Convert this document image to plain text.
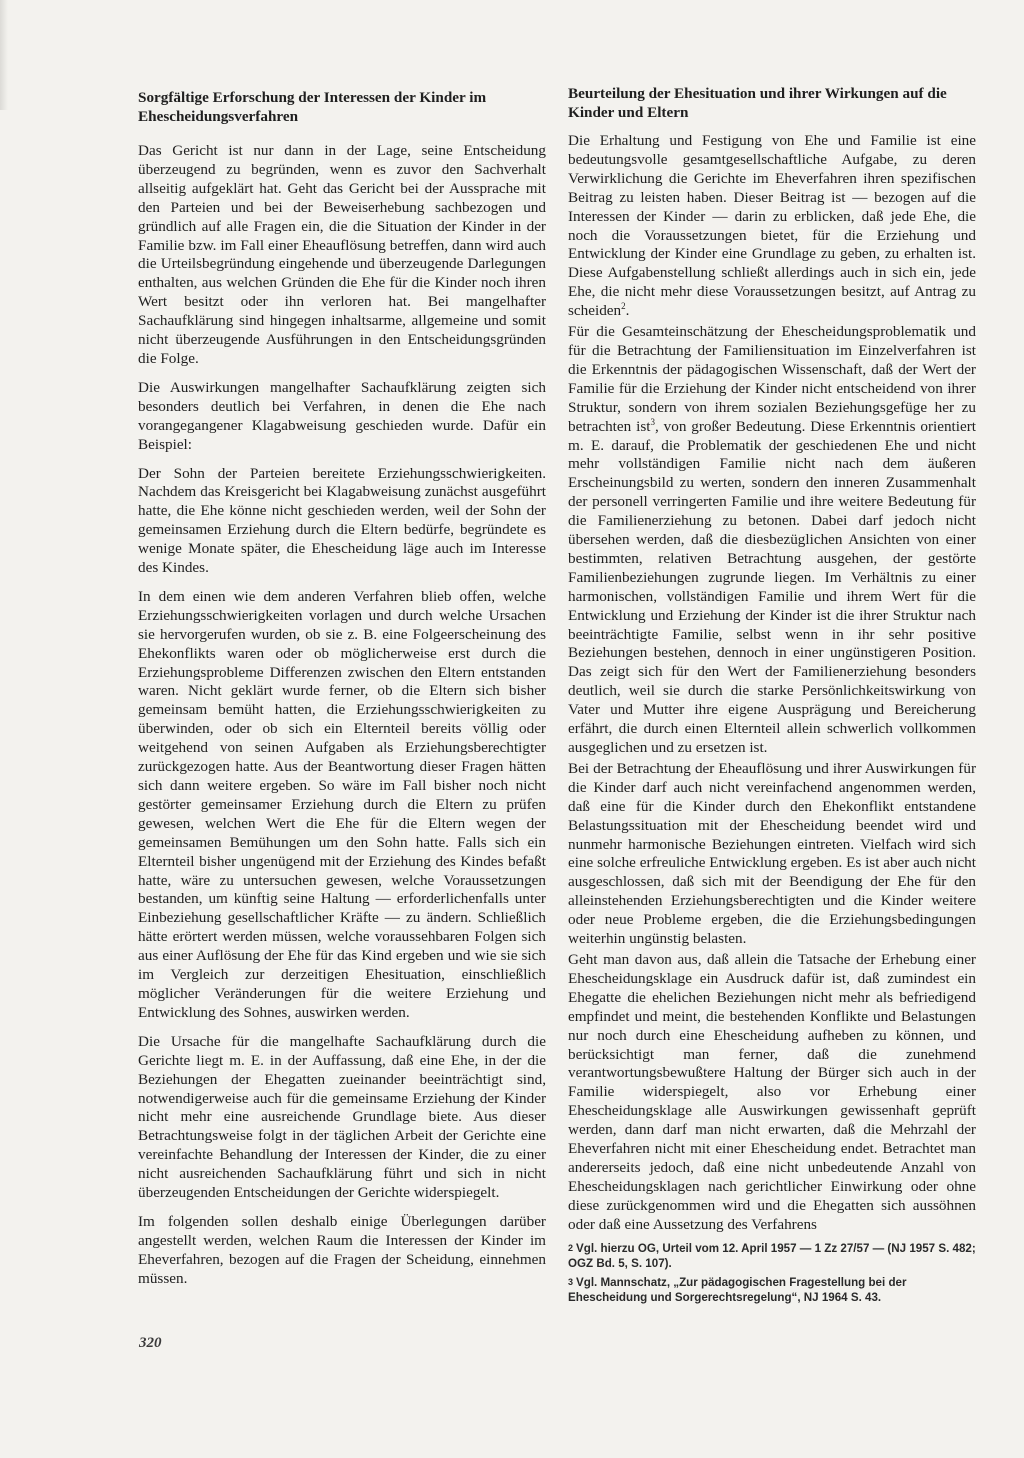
Sorgfältige Erforschung der Interessen der Kinder im Ehescheidungsverfahren

Das Gericht ist nur dann in der Lage, seine Entscheidung überzeugend zu begründen, wenn es zuvor den Sachverhalt allseitig aufgeklärt hat. Geht das Gericht bei der Aussprache mit den Parteien und bei der Beweiserhebung sachbezogen und gründlich auf alle Fragen ein, die die Situation der Kinder in der Familie bzw. im Fall einer Eheauflösung betreffen, dann wird auch die Urteilsbegründung eingehende und überzeugende Darlegungen enthalten, aus welchen Gründen die Ehe für die Kinder noch ihren Wert besitzt oder ihn verloren hat. Bei mangelhafter Sachaufklärung sind hingegen inhaltsarme, allgemeine und somit nicht überzeugende Ausführungen in den Entscheidungsgründen die Folge.

Die Auswirkungen mangelhafter Sachaufklärung zeigten sich besonders deutlich bei Verfahren, in denen die Ehe nach vorangegangener Klagabweisung geschieden wurde. Dafür ein Beispiel:

Der Sohn der Parteien bereitete Erziehungsschwierigkeiten. Nachdem das Kreisgericht bei Klagabweisung zunächst ausgeführt hatte, die Ehe könne nicht geschieden werden, weil der Sohn der gemeinsamen Erziehung durch die Eltern bedürfe, begründete es wenige Monate später, die Ehescheidung läge auch im Interesse des Kindes.

In dem einen wie dem anderen Verfahren blieb offen, welche Erziehungsschwierigkeiten vorlagen und durch welche Ursachen sie hervorgerufen wurden, ob sie z. B. eine Folgeerscheinung des Ehekonflikts waren oder ob möglicherweise erst durch die Erziehungsprobleme Differenzen zwischen den Eltern entstanden waren. Nicht geklärt wurde ferner, ob die Eltern sich bisher gemeinsam bemüht hatten, die Erziehungsschwierigkeiten zu überwinden, oder ob sich ein Elternteil bereits völlig oder weitgehend von seinen Aufgaben als Erziehungsberechtigter zurückgezogen hatte. Aus der Beantwortung dieser Fragen hätten sich dann weitere ergeben. So wäre im Fall bisher noch nicht gestörter gemeinsamer Erziehung durch die Eltern zu prüfen gewesen, welchen Wert die Ehe für die Eltern wegen der gemeinsamen Bemühungen um den Sohn hatte. Falls sich ein Elternteil bisher ungenügend mit der Erziehung des Kindes befaßt hatte, wäre zu untersuchen gewesen, welche Voraussetzungen bestanden, um künftig seine Haltung — erforderlichenfalls unter Einbeziehung gesellschaftlicher Kräfte — zu ändern. Schließlich hätte erörtert werden müssen, welche voraussehbaren Folgen sich aus einer Auflösung der Ehe für das Kind ergeben und wie sie sich im Vergleich zur derzeitigen Ehesituation, einschließlich möglicher Veränderungen für die weitere Erziehung und Entwicklung des Sohnes, auswirken werden.

Die Ursache für die mangelhafte Sachaufklärung durch die Gerichte liegt m. E. in der Auffassung, daß eine Ehe, in der die Beziehungen der Ehegatten zueinander beeinträchtigt sind, notwendigerweise auch für die gemeinsame Erziehung der Kinder nicht mehr eine ausreichende Grundlage biete. Aus dieser Betrachtungsweise folgt in der täglichen Arbeit der Gerichte eine vereinfachte Behandlung der Interessen der Kinder, die zu einer nicht ausreichenden Sachaufklärung führt und sich in nicht überzeugenden Entscheidungen der Gerichte widerspiegelt.

Im folgenden sollen deshalb einige Überlegungen darüber angestellt werden, welchen Raum die Interessen der Kinder im Eheverfahren, bezogen auf die Fragen der Scheidung, einnehmen müssen.

Beurteilung der Ehesituation und ihrer Wirkungen auf die Kinder und Eltern

Die Erhaltung und Festigung von Ehe und Familie ist eine bedeutungsvolle gesamtgesellschaftliche Aufgabe, zu deren Verwirklichung die Gerichte im Eheverfahren ihren spezifischen Beitrag zu leisten haben. Dieser Beitrag ist — bezogen auf die Interessen der Kinder — darin zu erblicken, daß jede Ehe, die noch die Voraussetzungen bietet, für die Erziehung und Entwicklung der Kinder eine Grundlage zu geben, zu erhalten ist. Diese Aufgabenstellung schließt allerdings auch in sich ein, jede Ehe, die nicht mehr diese Voraussetzungen besitzt, auf Antrag zu scheiden$^2$.

Für die Gesamteinschätzung der Ehescheidungsproblematik und für die Betrachtung der Familiensituation im Einzelverfahren ist die Erkenntnis der pädagogischen Wissenschaft, daß der Wert der Familie für die Erziehung der Kinder nicht entscheidend von ihrer Struktur, sondern von ihrem sozialen Beziehungsgefüge her zu betrachten ist$^3$, von großer Bedeutung. Diese Erkenntnis orientiert m. E. darauf, die Problematik der geschiedenen Ehe und nicht mehr vollständigen Familie nicht nach dem äußeren Erscheinungsbild zu werten, sondern den inneren Zusammenhalt der personell verringerten Familie und ihre weitere Bedeutung für die Familienerziehung zu betonen. Dabei darf jedoch nicht übersehen werden, daß die diesbezüglichen Ansichten von einer bestimmten, relativen Betrachtung ausgehen, der gestörte Familienbeziehungen zugrunde liegen. Im Verhältnis zu einer harmonischen, vollständigen Familie und ihrem Wert für die Entwicklung und Erziehung der Kinder ist die ihrer Struktur nach beeinträchtigte Familie, selbst wenn in ihr sehr positive Beziehungen bestehen, dennoch in einer ungünstigeren Position. Das zeigt sich für den Wert der Familienerziehung besonders deutlich, weil sie durch die starke Persönlichkeitswirkung von Vater und Mutter ihre eigene Ausprägung und Bereicherung erfährt, die durch einen Elternteil allein schwerlich vollkommen ausgeglichen und zu ersetzen ist.

Bei der Betrachtung der Eheauflösung und ihrer Auswirkungen für die Kinder darf auch nicht vereinfachend angenommen werden, daß eine für die Kinder durch den Ehekonflikt entstandene Belastungssituation mit der Ehescheidung beendet wird und nunmehr harmonische Beziehungen eintreten. Vielfach wird sich eine solche erfreuliche Entwicklung ergeben. Es ist aber auch nicht ausgeschlossen, daß sich mit der Beendigung der Ehe für den alleinstehenden Erziehungsberechtigten und die Kinder weitere oder neue Probleme ergeben, die die Erziehungsbedingungen weiterhin ungünstig belasten.

Geht man davon aus, daß allein die Tatsache der Erhebung einer Ehescheidungsklage ein Ausdruck dafür ist, daß zumindest ein Ehegatte die ehelichen Beziehungen nicht mehr als befriedigend empfindet und meint, die bestehenden Konflikte und Belastungen nur noch durch eine Ehescheidung aufheben zu können, und berücksichtigt man ferner, daß die zunehmend verantwortungsbewußtere Haltung der Bürger sich auch in der Familie widerspiegelt, also vor Erhebung einer Ehescheidungsklage alle Auswirkungen gewissenhaft geprüft werden, dann darf man nicht erwarten, daß die Mehrzahl der Eheverfahren nicht mit einer Ehescheidung endet. Betrachtet man andererseits jedoch, daß eine nicht unbedeutende Anzahl von Ehescheidungsklagen nach gerichtlicher Einwirkung oder ohne diese zurückgenommen wird und die Ehegatten sich aussöhnen oder daß eine Aussetzung des Verfahrens

$^2$ Vgl. hierzu OG, Urteil vom 12. April 1957 — 1 Zz 27/57 — (NJ 1957 S. 482; OGZ Bd. 5, S. 107).

$^3$ Vgl. Mannschatz, „Zur pädagogischen Fragestellung bei der Ehescheidung und Sorgerechtsregelung“, NJ 1964 S. 43.

320
